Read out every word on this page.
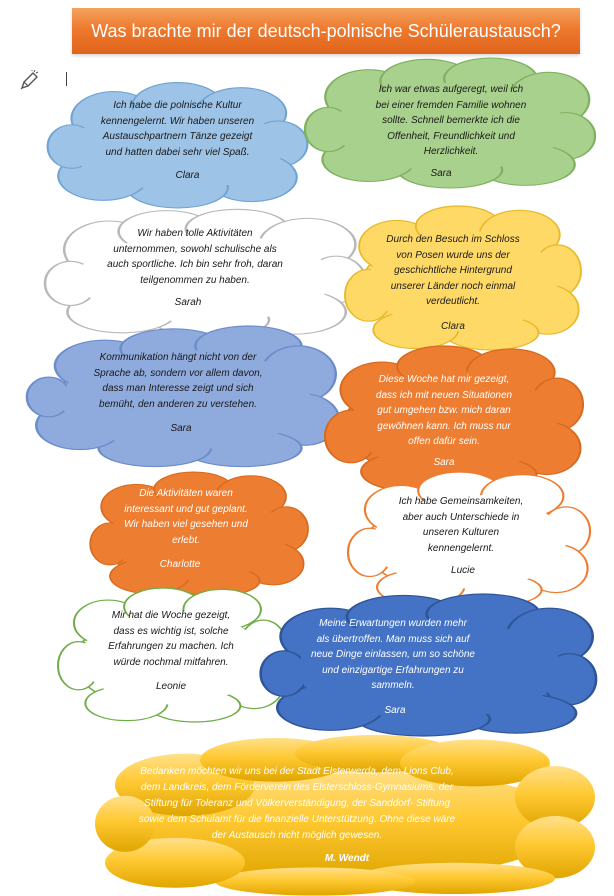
Was brachte mir der deutsch-polnische Schüleraustausch?
Ich habe die polnische Kultur
kennengelernt. Wir haben unseren
Austauschpartnern Tänze gezeigt
und hatten dabei sehr viel Spaß.
Clara
Ich war etwas aufgeregt, weil ich
bei einer fremden Familie wohnen
sollte. Schnell bemerkte ich die
Offenheit, Freundlichkeit und
Herzlichkeit.
Sara
Wir haben tolle Aktivitäten
unternommen, sowohl schulische als
auch sportliche. Ich bin sehr froh, daran
teilgenommen zu haben.
Sarah
Durch den Besuch im Schloss
von Posen wurde uns der
geschichtliche Hintergrund
unserer Länder noch einmal
verdeutlicht.
Clara
Kommunikation hängt nicht von der
Sprache ab, sondern vor allem davon,
dass man Interesse zeigt und sich
bemüht, den anderen zu verstehen.
Sara
Diese Woche hat mir gezeigt,
dass ich mit neuen Situationen
gut umgehen bzw. mich daran
gewöhnen kann. Ich muss nur
offen dafür sein.
Sara
Die Aktivitäten waren
interessant und gut geplant.
Wir haben viel gesehen und
erlebt.
Charlotte
Ich habe Gemeinsamkeiten,
aber auch Unterschiede in
unseren Kulturen
kennengelernt.
Lucie
Mir hat die Woche gezeigt,
dass es wichtig ist, solche
Erfahrungen zu machen. Ich
würde nochmal mitfahren.
Leonie
Meine Erwartungen wurden mehr
als übertroffen. Man muss sich auf
neue Dinge einlassen, um so schöne
und einzigartige Erfahrungen zu
sammeln.
Sara
Bedanken möchten wir uns bei der Stadt Elsterwerda, dem Lions Club,
dem Landkreis, dem Förderverein des Elsterschloss-Gymnasiums, der
Stiftung für Toleranz und Völkerverständigung, der Sanddorf- Stiftung
sowie dem Schulamt für die finanzielle Unterstützung. Ohne diese wäre
der Austausch nicht möglich gewesen.
M. Wendt
